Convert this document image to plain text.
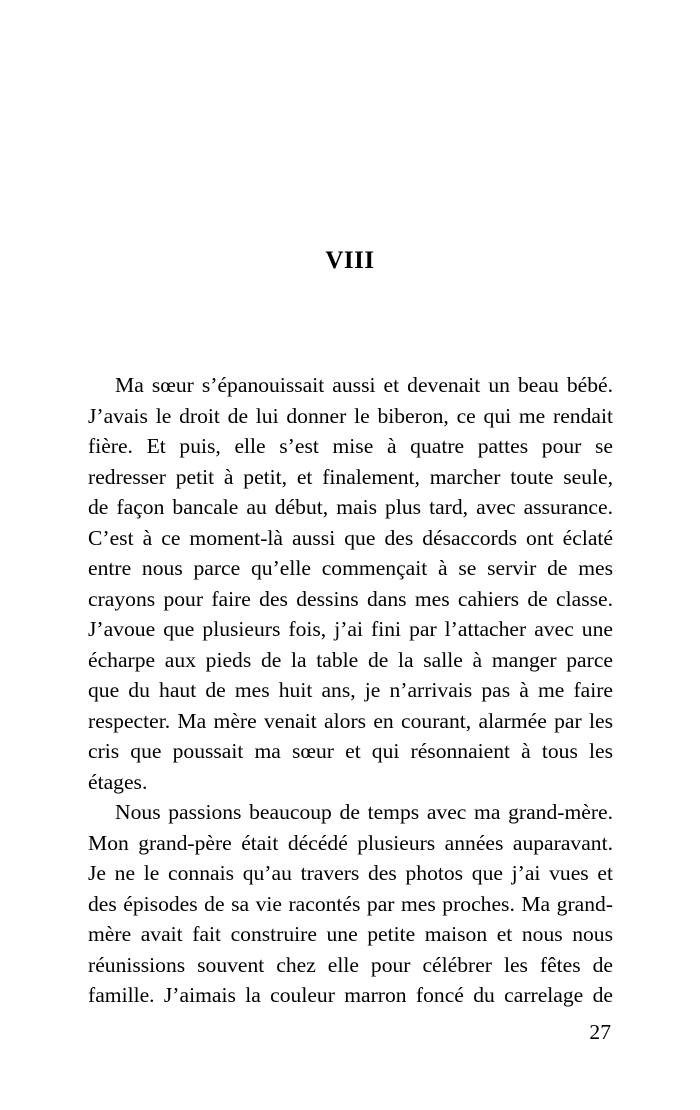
VIII
Ma sœur s’épanouissait aussi et devenait un beau bébé.
J’avais le droit de lui donner le biberon, ce qui me rendait
fière. Et puis, elle s’est mise à quatre pattes pour se
redresser petit à petit, et finalement, marcher toute seule,
de façon bancale au début, mais plus tard, avec assurance.
C’est à ce moment-là aussi que des désaccords ont éclaté
entre nous parce qu’elle commençait à se servir de mes
crayons pour faire des dessins dans mes cahiers de classe.
J’avoue que plusieurs fois, j’ai fini par l’attacher avec une
écharpe aux pieds de la table de la salle à manger parce
que du haut de mes huit ans, je n’arrivais pas à me faire
respecter. Ma mère venait alors en courant, alarmée par les
cris que poussait ma sœur et qui résonnaient à tous les
étages.
Nous passions beaucoup de temps avec ma grand-mère.
Mon grand-père était décédé plusieurs années auparavant.
Je ne le connais qu’au travers des photos que j’ai vues et
des épisodes de sa vie racontés par mes proches. Ma grand-
mère avait fait construire une petite maison et nous nous
réunissions souvent chez elle pour célébrer les fêtes de
famille. J’aimais la couleur marron foncé du carrelage de
27
